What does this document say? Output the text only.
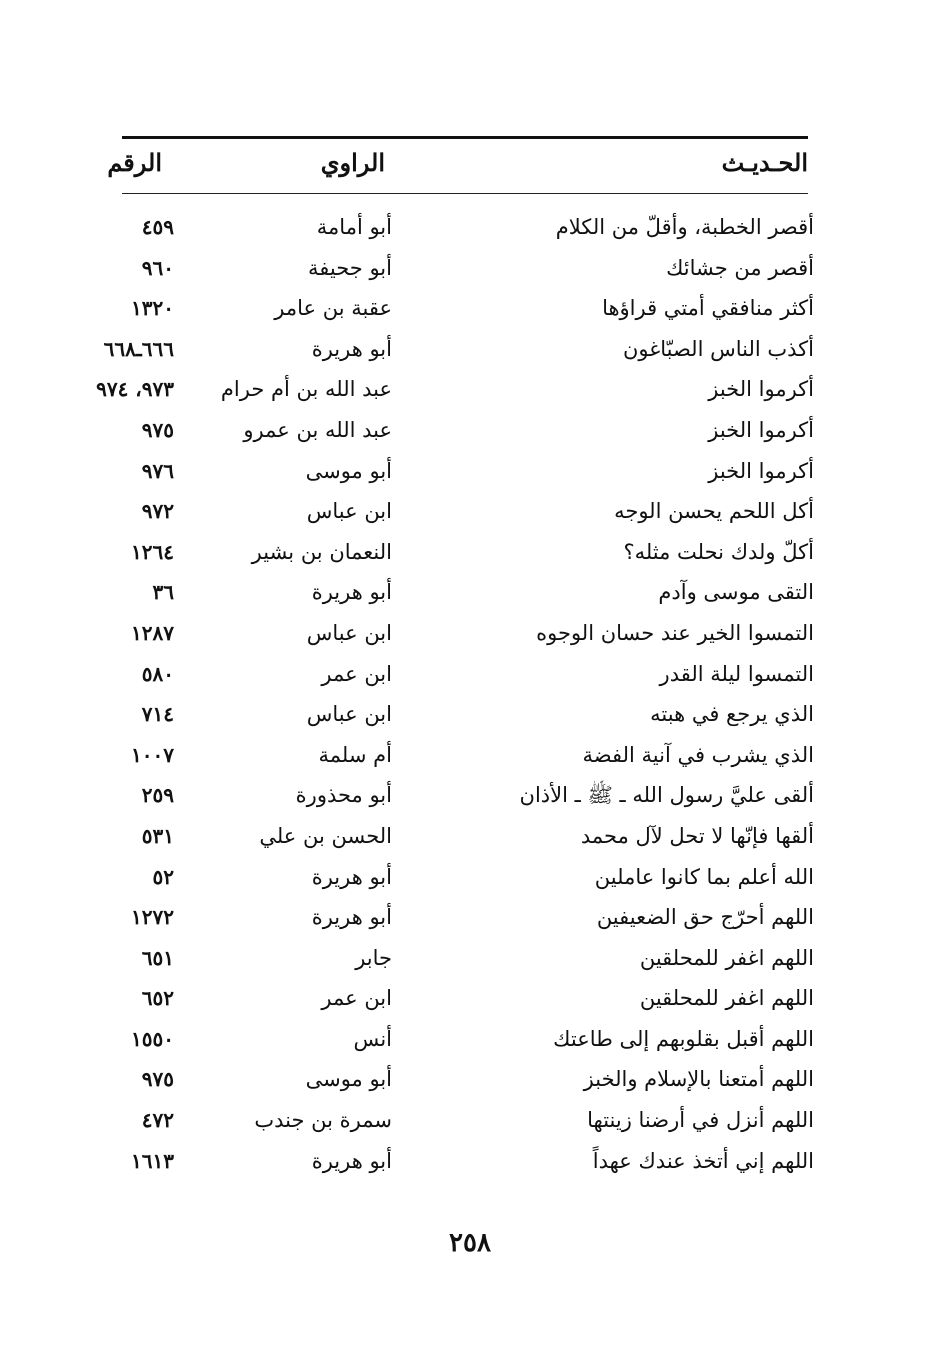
الحـديـث
الراوي
الرقم
أقصر الخطبة، وأقلّ من الكلام
أبو أمامة
٤٥٩
أقصر من جشائك
أبو جحيفة
٩٦٠
أكثر منافقي أمتي قراؤها
عقبة بن عامر
١٣٢٠
أكذب الناس الصبّاغون
أبو هريرة
٦٦٦ـ٦٦٨
أكرموا الخبز
عبد الله بن أم حرام
٩٧٣، ٩٧٤
أكرموا الخبز
عبد الله بن عمرو
٩٧٥
أكرموا الخبز
أبو موسى
٩٧٦
أكل اللحم يحسن الوجه
ابن عباس
٩٧٢
أكلّ ولدك نحلت مثله؟
النعمان بن بشير
١٢٦٤
التقى موسى وآدم
أبو هريرة
٣٦
التمسوا الخير عند حسان الوجوه
ابن عباس
١٢٨٧
التمسوا ليلة القدر
ابن عمر
٥٨٠
الذي يرجع في هبته
ابن عباس
٧١٤
الذي يشرب في آنية الفضة
أم سلمة
١٠٠٧
ألقى عليَّ رسول الله ـ ﷺ ـ الأذان
أبو محذورة
٢٥٩
ألقها فإنّها لا تحل لآل محمد
الحسن بن علي
٥٣١
الله أعلم بما كانوا عاملين
أبو هريرة
٥٢
اللهم أحرّج حق الضعيفين
أبو هريرة
١٢٧٢
اللهم اغفر للمحلقين
جابر
٦٥١
اللهم اغفر للمحلقين
ابن عمر
٦٥٢
اللهم أقبل بقلوبهم إلى طاعتك
أنس
١٥٥٠
اللهم أمتعنا بالإسلام والخبز
أبو موسى
٩٧٥
اللهم أنزل في أرضنا زينتها
سمرة بن جندب
٤٧٢
اللهم إني أتخذ عندك عهداً
أبو هريرة
١٦١٣
٢٥٨
